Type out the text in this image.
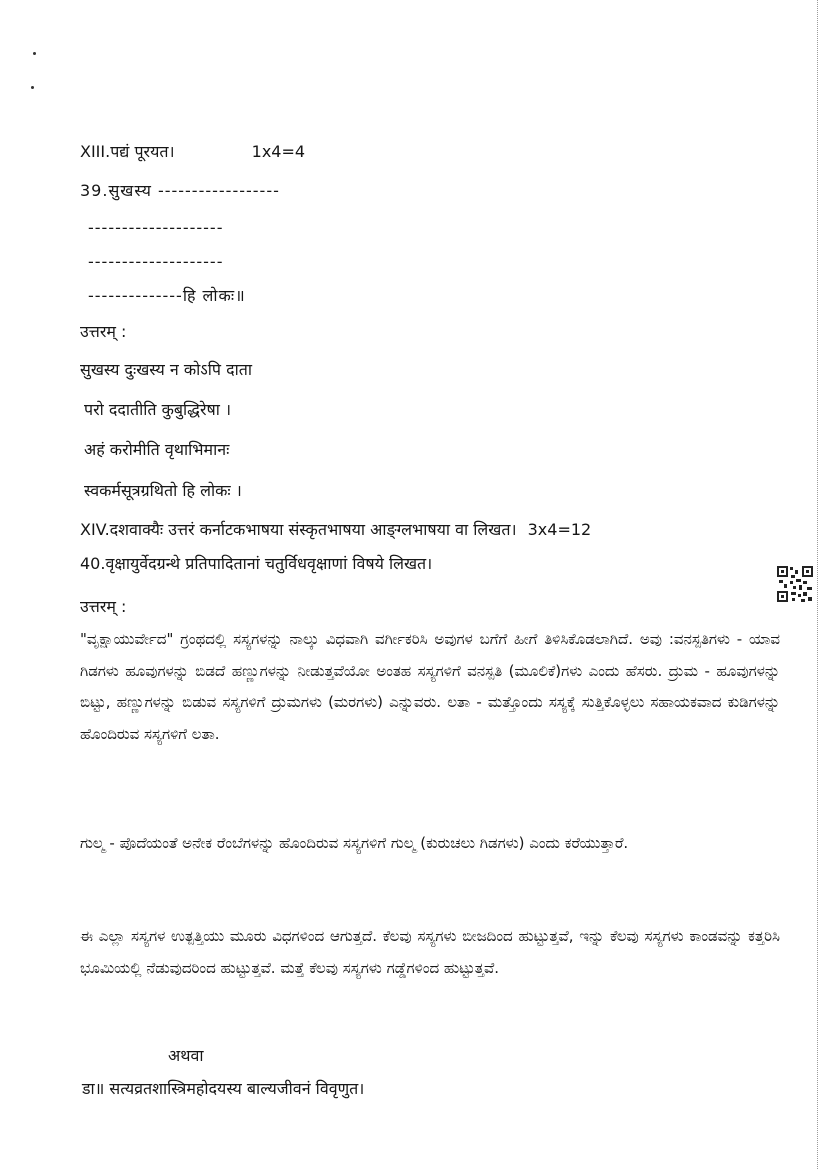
XIII.पद्यं पूरयत।	1x4=4
39.सुखस्य ------------------
--------------------
--------------------
--------------हि लोकः॥
उत्तरम् :
सुखस्य दुःखस्य न कोऽपि दाता
परो ददातीति कुबुद्धिरेषा ।
अहं करोमीति वृथाभिमानः
स्वकर्मसूत्रग्रथितो हि लोकः ।
XIV.दशवाक्यैः उत्तरं कर्नाटकभाषया संस्कृतभाषया आङ्ग्लभाषया वा लिखत। 3x4=12
40.वृक्षायुर्वेदग्रन्थे प्रतिपादितानां चतुर्विधवृक्षाणां विषये लिखत।
उत्तरम् :
"ವೃಕ್ಷಾಯುರ್ವೇದ" ಗ್ರಂಥದಲ್ಲಿ ಸಸ್ಯಗಳನ್ನು ನಾಲ್ಕು ವಿಧವಾಗಿ ವರ್ಗೀಕರಿಸಿ ಅವುಗಳ ಬಗೆಗೆ ಹೀಗೆ ತಿಳಿಸಿಕೊಡಲಾಗಿದೆ. ಅವು :ವನಸ್ಪತಿಗಳು - ಯಾವ ಗಿಡಗಳು ಹೂವುಗಳನ್ನು ಬಿಡದೆ ಹಣ್ಣುಗಳನ್ನು ನೀಡುತ್ತವೆಯೋ ಅಂತಹ ಸಸ್ಯಗಳಿಗೆ ವನಸ್ಪತಿ (ಮೂಲಿಕೆ)ಗಳು ಎಂದು ಹೆಸರು. ದ್ರುಮ - ಹೂವುಗಳನ್ನು ಬಿಟ್ಟು, ಹಣ್ಣುಗಳನ್ನು ಬಿಡುವ ಸಸ್ಯಗಳಿಗೆ ದ್ರುಮಗಳು (ಮರಗಳು) ಎನ್ನುವರು. ಲತಾ - ಮತ್ತೊಂದು ಸಸ್ಯಕ್ಕೆ ಸುತ್ತಿಕೊಳ್ಳಲು ಸಹಾಯಕವಾದ ಕುಡಿಗಳನ್ನು ಹೊಂದಿರುವ ಸಸ್ಯಗಳಿಗೆ ಲತಾ.
ಗುಲ್ಮ - ಪೊದೆಯಂತೆ ಅನೇಕ ರೆಂಬೆಗಳನ್ನು ಹೊಂದಿರುವ ಸಸ್ಯಗಳಿಗೆ ಗುಲ್ಮ (ಕುರುಚಲು ಗಿಡಗಳು) ಎಂದು ಕರೆಯುತ್ತಾರೆ.
ಈ ಎಲ್ಲಾ ಸಸ್ಯಗಳ ಉತ್ಪತ್ತಿಯು ಮೂರು ವಿಧಗಳಿಂದ ಆಗುತ್ತದೆ. ಕೆಲವು ಸಸ್ಯಗಳು ಬೀಜದಿಂದ ಹುಟ್ಟುತ್ತವೆ, ಇನ್ನು ಕೆಲವು ಸಸ್ಯಗಳು ಕಾಂಡವನ್ನು ಕತ್ತರಿಸಿ ಭೂಮಿಯಲ್ಲಿ ನೆಡುವುದರಿಂದ ಹುಟ್ಟುತ್ತವೆ. ಮತ್ತೆ ಕೆಲವು ಸಸ್ಯಗಳು ಗಡ್ಡೆಗಳಿಂದ ಹುಟ್ಟುತ್ತವೆ.
अथवा
डा॥ सत्यव्रतशास्त्रिमहोदयस्य बाल्यजीवनं विवृणुत।
